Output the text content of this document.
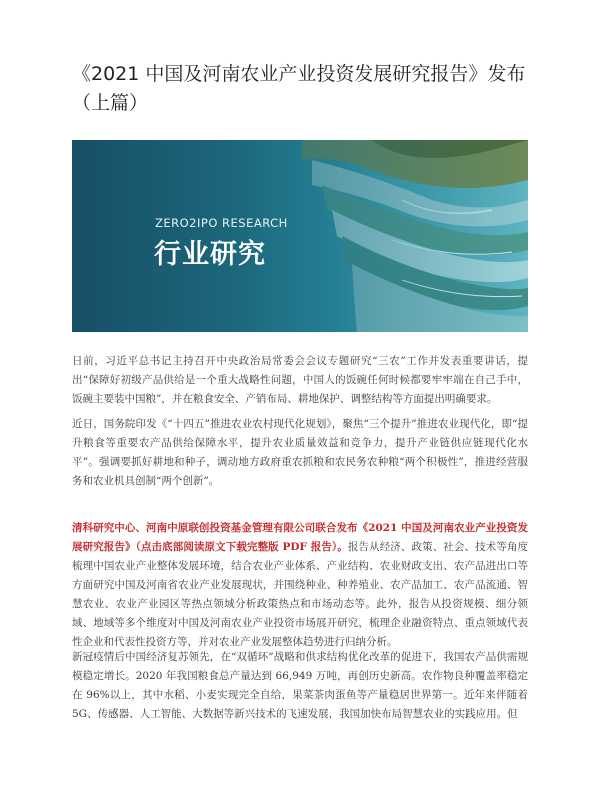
《2021 中国及河南农业产业投资发展研究报告》发布（上篇）
ZERO2IPO RESEARCH
行业研究

日前，习近平总书记主持召开中央政治局常委会会议专题研究“三农”工作并发表重要讲话，提出“保障好初级产品供给是一个重大战略性问题，中国人的饭碗任何时候都要牢牢端在自己手中，饭碗主要装中国粮”，并在粮食安全、产销布局、耕地保护、调整结构等方面提出明确要求。

近日，国务院印发《“十四五”推进农业农村现代化规划》，聚焦“三个提升”推进农业现代化，即“提升粮食等重要农产品供给保障水平，提升农业质量效益和竞争力，提升产业链供应链现代化水平”。强调要抓好耕地和种子，调动地方政府重农抓粮和农民务农种粮“两个积极性”，推进经营服务和农业机具创制“两个创新”。

清科研究中心、河南中原联创投资基金管理有限公司联合发布《2021 中国及河南农业产业投资发展研究报告》（点击底部阅读原文下载完整版 PDF 报告）。报告从经济、政策、社会、技术等角度梳理中国农业产业整体发展环境，结合农业产业体系、产业结构、农业财政支出、农产品进出口等方面研究中国及河南省农业产业发展现状，并围绕种业、种养殖业、农产品加工、农产品流通、智慧农业、农业产业园区等热点领域分析政策热点和市场动态等。此外，报告从投资规模、细分领域、地域等多个维度对中国及河南农业产业投资市场展开研究，梳理企业融资特点、重点领域代表性企业和代表性投资方等，并对农业产业发展整体趋势进行归纳分析。

新冠疫情后中国经济复苏领先，在“双循环”战略和供求结构优化改革的促进下，我国农产品供需规模稳定增长。2020 年我国粮食总产量达到 66,949 万吨，再创历史新高。农作物良种覆盖率稳定在 96%以上，其中水稻、小麦实现完全自给，果菜茶肉蛋鱼等产量稳居世界第一。近年来伴随着 5G、传感器、人工智能、大数据等新兴技术的飞速发展，我国加快布局智慧农业的实践应用。但
